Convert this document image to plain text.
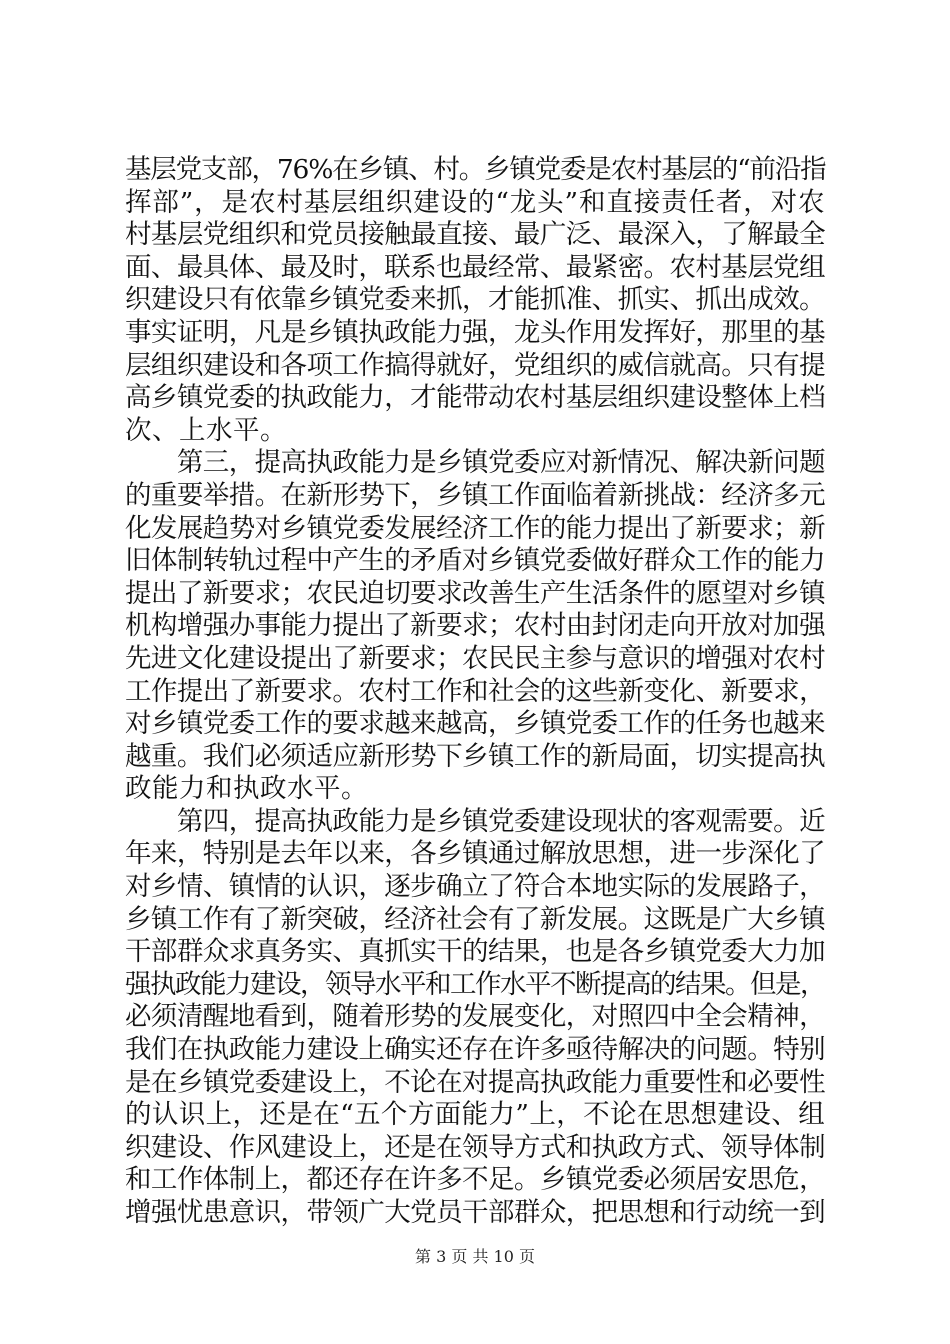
基层党支部，76%在乡镇、村。乡镇党委是农村基层的“前沿指
挥部”，是农村基层组织建设的“龙头”和直接责任者，对农
村基层党组织和党员接触最直接、最广泛、最深入，了解最全
面、最具体、最及时，联系也最经常、最紧密。农村基层党组
织建设只有依靠乡镇党委来抓，才能抓准、抓实、抓出成效。
事实证明，凡是乡镇执政能力强，龙头作用发挥好，那里的基
层组织建设和各项工作搞得就好，党组织的威信就高。只有提
高乡镇党委的执政能力，才能带动农村基层组织建设整体上档
次、上水平。
　　第三，提高执政能力是乡镇党委应对新情况、解决新问题
的重要举措。在新形势下，乡镇工作面临着新挑战：经济多元
化发展趋势对乡镇党委发展经济工作的能力提出了新要求；新
旧体制转轨过程中产生的矛盾对乡镇党委做好群众工作的能力
提出了新要求；农民迫切要求改善生产生活条件的愿望对乡镇
机构增强办事能力提出了新要求；农村由封闭走向开放对加强
先进文化建设提出了新要求；农民民主参与意识的增强对农村
工作提出了新要求。农村工作和社会的这些新变化、新要求，
对乡镇党委工作的要求越来越高，乡镇党委工作的任务也越来
越重。我们必须适应新形势下乡镇工作的新局面，切实提高执
政能力和执政水平。
　　第四，提高执政能力是乡镇党委建设现状的客观需要。近
年来，特别是去年以来，各乡镇通过解放思想，进一步深化了
对乡情、镇情的认识，逐步确立了符合本地实际的发展路子，
乡镇工作有了新突破，经济社会有了新发展。这既是广大乡镇
干部群众求真务实、真抓实干的结果，也是各乡镇党委大力加
强执政能力建设，领导水平和工作水平不断提高的结果。但是，
必须清醒地看到，随着形势的发展变化，对照四中全会精神，
我们在执政能力建设上确实还存在许多亟待解决的问题。特别
是在乡镇党委建设上，不论在对提高执政能力重要性和必要性
的认识上，还是在“五个方面能力”上，不论在思想建设、组
织建设、作风建设上，还是在领导方式和执政方式、领导体制
和工作体制上，都还存在许多不足。乡镇党委必须居安思危，
增强忧患意识，带领广大党员干部群众，把思想和行动统一到
第 3 页 共 10 页
